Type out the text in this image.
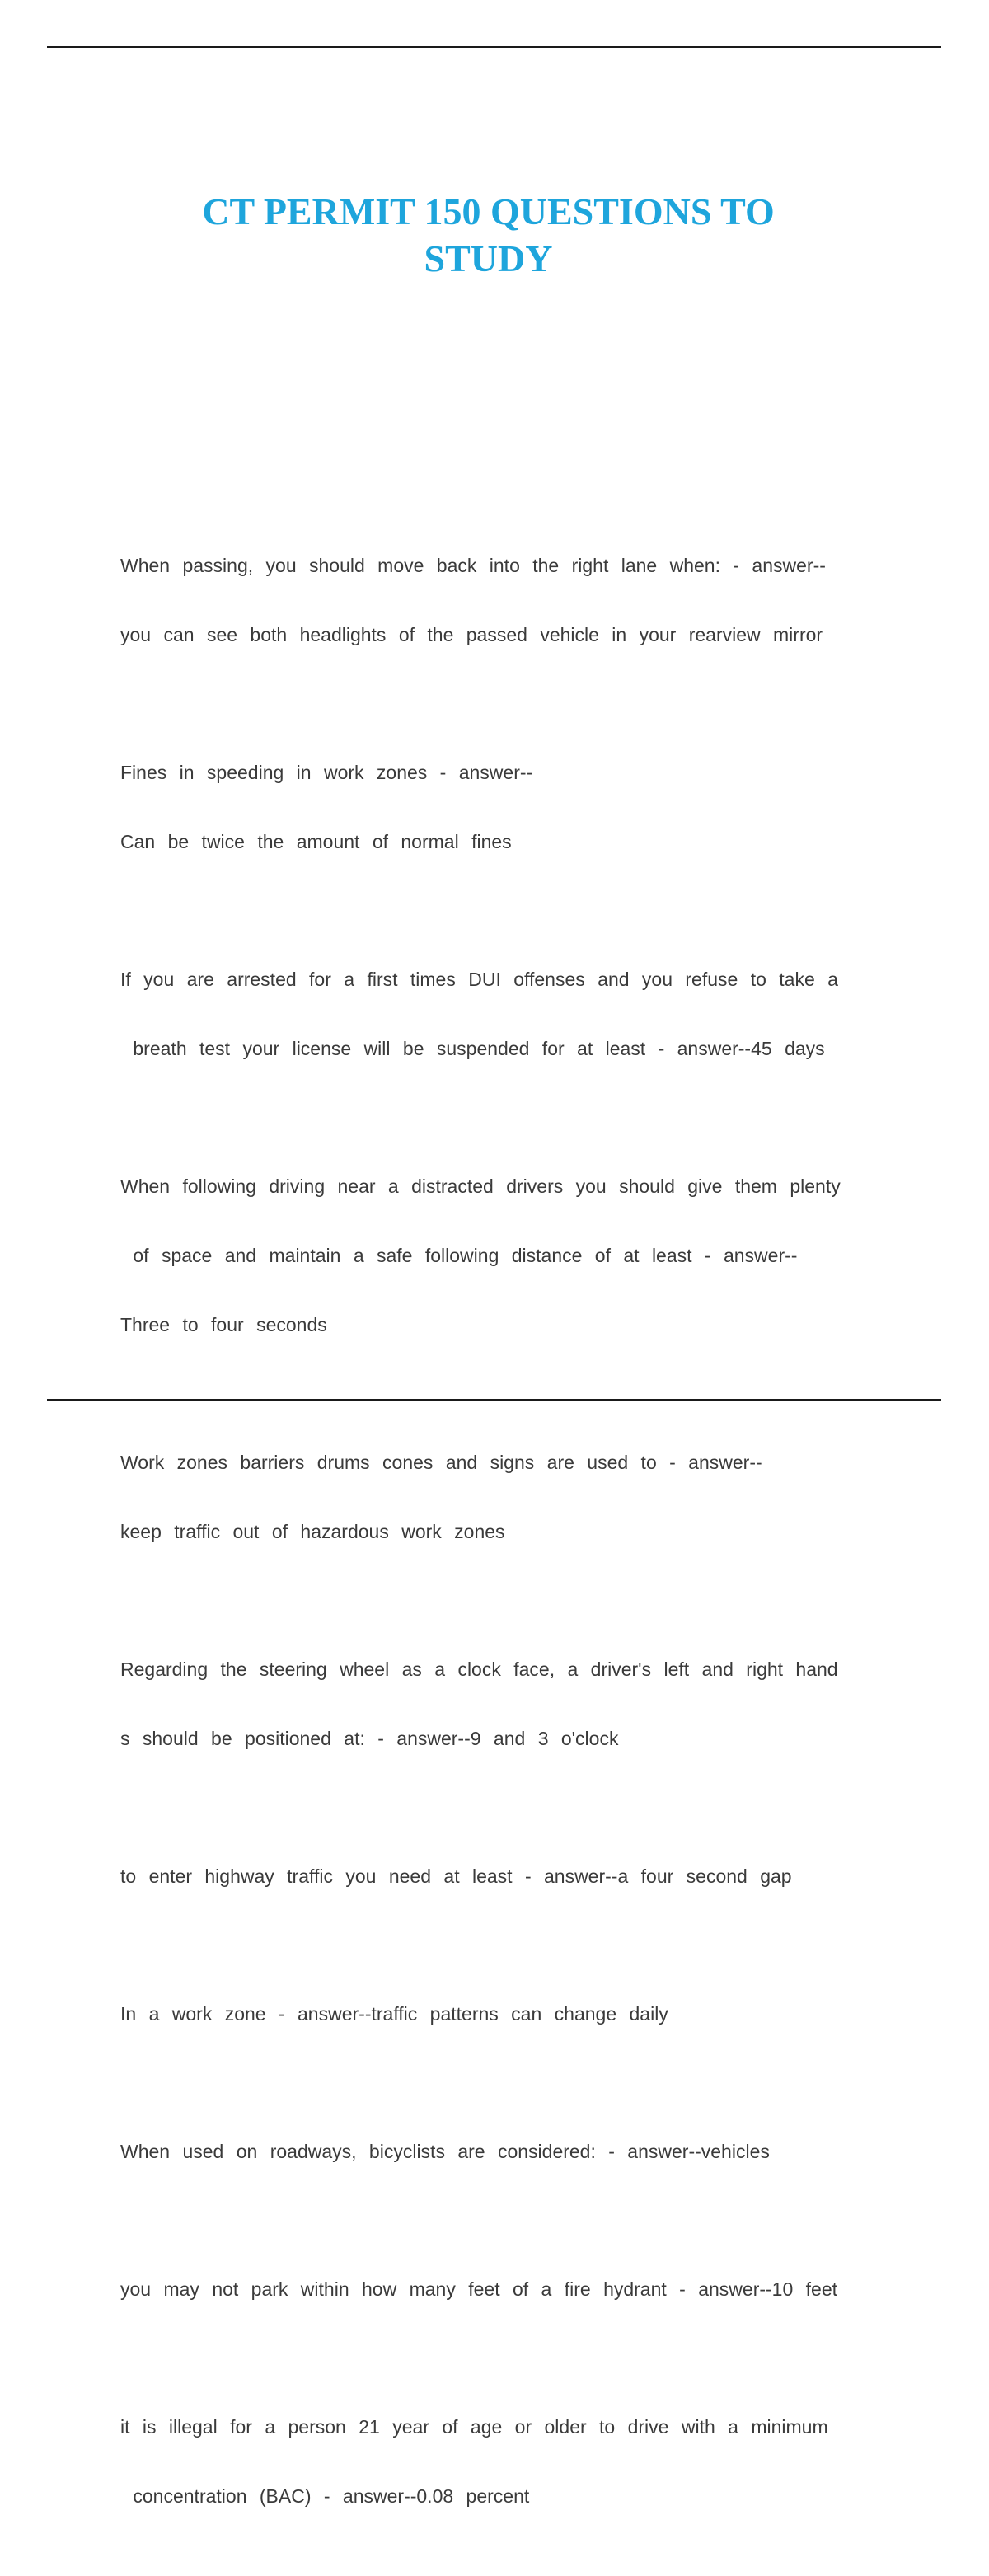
CT PERMIT 150 QUESTIONS TO
STUDY

When passing, you should move back into the right lane when: - answer--

you can see both headlights of the passed vehicle in your rearview mirror

Fines in speeding in work zones - answer--

Can be twice the amount of normal fines

If you are arrested for a first times DUI offenses and you refuse to take a

breath test your license will be suspended for at least - answer--45 days

When following driving near a distracted drivers you should give them plenty

of space and maintain a safe following distance of at least - answer--

Three to four seconds

Work zones barriers drums cones and signs are used to - answer--

keep traffic out of hazardous work zones

Regarding the steering wheel as a clock face, a driver's left and right hand

s should be positioned at: - answer--9 and 3 o'clock

to enter highway traffic you need at least - answer--a four second gap

In a work zone - answer--traffic patterns can change daily

When used on roadways, bicyclists are considered: - answer--vehicles

you may not park within how many feet of a fire hydrant - answer--10 feet

it is illegal for a person 21 year of age or older to drive with a minimum

concentration (BAC) - answer--0.08 percent
